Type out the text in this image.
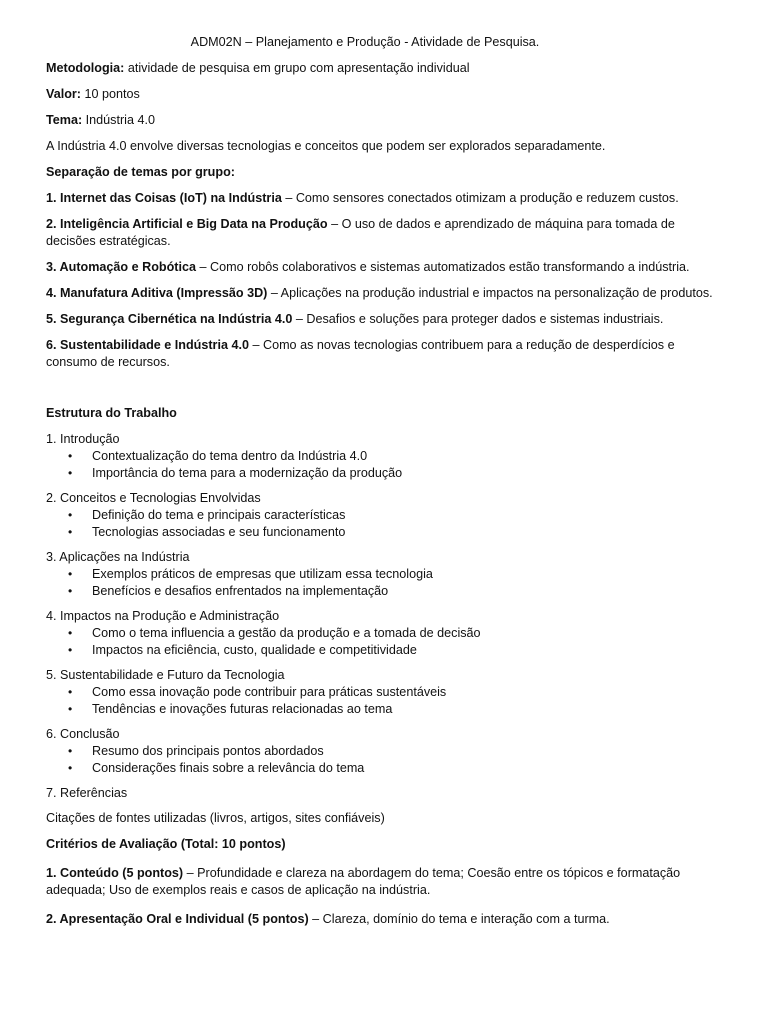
ADM02N – Planejamento e Produção - Atividade de Pesquisa.

Metodologia: atividade de pesquisa em grupo com apresentação individual

Valor: 10 pontos

Tema: Indústria 4.0

A Indústria 4.0 envolve diversas tecnologias e conceitos que podem ser explorados separadamente.

Separação de temas por grupo:

1. Internet das Coisas (IoT) na Indústria – Como sensores conectados otimizam a produção e reduzem custos.

2. Inteligência Artificial e Big Data na Produção – O uso de dados e aprendizado de máquina para tomada de decisões estratégicas.

3. Automação e Robótica – Como robôs colaborativos e sistemas automatizados estão transformando a indústria.

4. Manufatura Aditiva (Impressão 3D) – Aplicações na produção industrial e impactos na personalização de produtos.

5. Segurança Cibernética na Indústria 4.0 – Desafios e soluções para proteger dados e sistemas industriais.

6. Sustentabilidade e Indústria 4.0 – Como as novas tecnologias contribuem para a redução de desperdícios e consumo de recursos.

Estrutura do Trabalho

1. Introdução
• Contextualização do tema dentro da Indústria 4.0
• Importância do tema para a modernização da produção
2. Conceitos e Tecnologias Envolvidas
• Definição do tema e principais características
• Tecnologias associadas e seu funcionamento
3. Aplicações na Indústria
• Exemplos práticos de empresas que utilizam essa tecnologia
• Benefícios e desafios enfrentados na implementação
4. Impactos na Produção e Administração
• Como o tema influencia a gestão da produção e a tomada de decisão
• Impactos na eficiência, custo, qualidade e competitividade
5. Sustentabilidade e Futuro da Tecnologia
• Como essa inovação pode contribuir para práticas sustentáveis
• Tendências e inovações futuras relacionadas ao tema
6. Conclusão
• Resumo dos principais pontos abordados
• Considerações finais sobre a relevância do tema
7. Referências

Citações de fontes utilizadas (livros, artigos, sites confiáveis)

Critérios de Avaliação (Total: 10 pontos)

1. Conteúdo (5 pontos) – Profundidade e clareza na abordagem do tema; Coesão entre os tópicos e formatação adequada; Uso de exemplos reais e casos de aplicação na indústria.

2. Apresentação Oral e Individual (5 pontos) – Clareza, domínio do tema e interação com a turma.
